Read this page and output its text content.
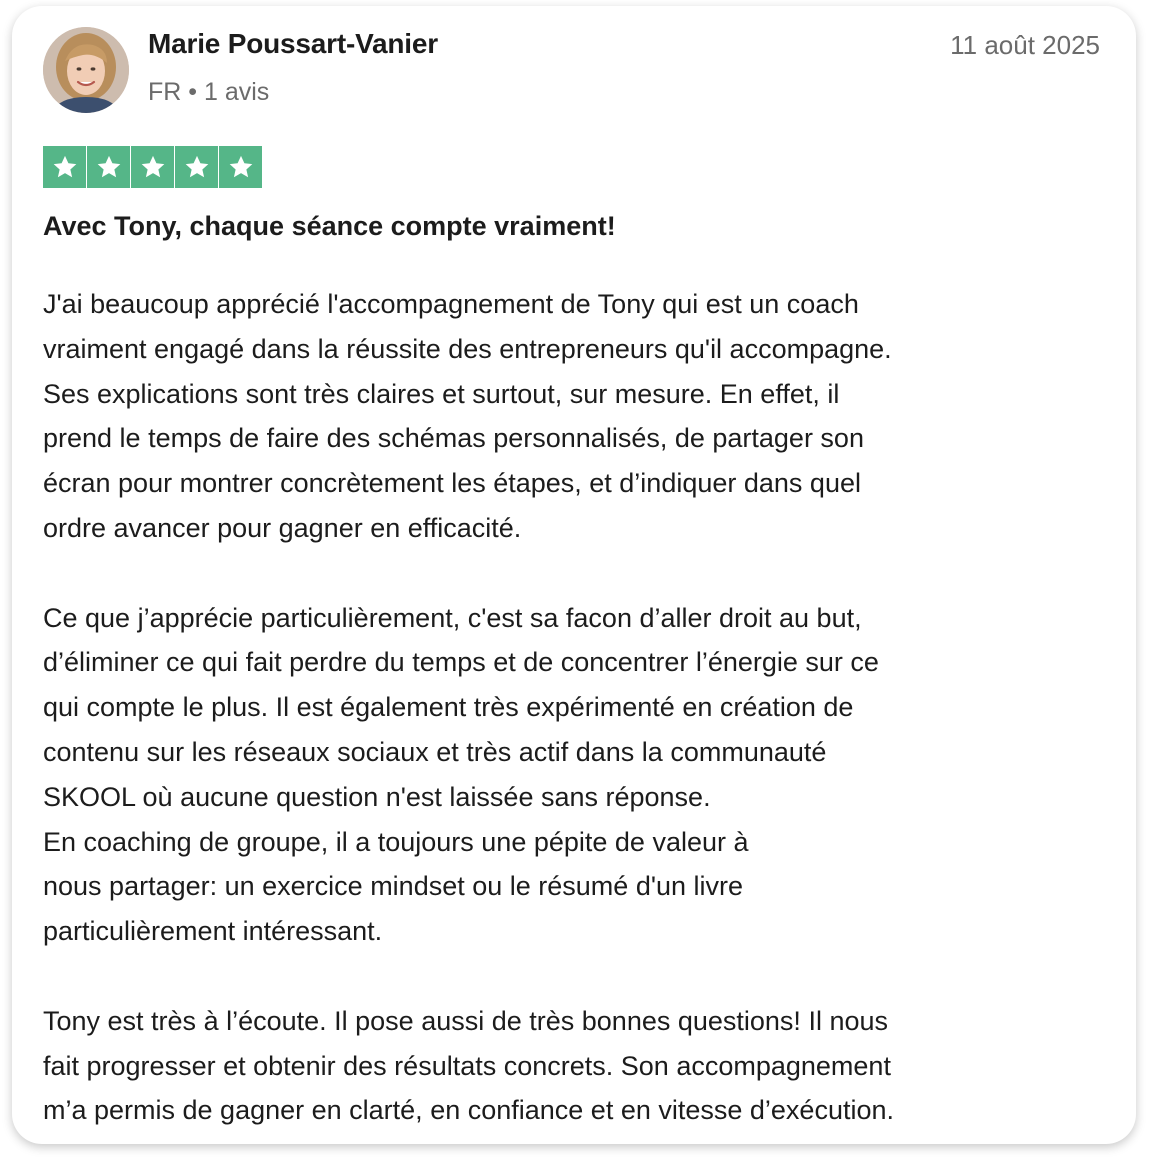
Marie Poussart-Vanier
FR • 1 avis
11 août 2025
Avec Tony, chaque séance compte vraiment!
J'ai beaucoup apprécié l'accompagnement de Tony qui est un coach
vraiment engagé dans la réussite des entrepreneurs qu'il accompagne.
Ses explications sont très claires et surtout, sur mesure. En effet, il
prend le temps de faire des schémas personnalisés, de partager son
écran pour montrer concrètement les étapes, et d’indiquer dans quel
ordre avancer pour gagner en efficacité.
Ce que j’apprécie particulièrement, c'est sa facon d’aller droit au but,
d’éliminer ce qui fait perdre du temps et de concentrer l’énergie sur ce
qui compte le plus. Il est également très expérimenté en création de
contenu sur les réseaux sociaux et très actif dans la communauté
SKOOL où aucune question n'est laissée sans réponse.
En coaching de groupe, il a toujours une pépite de valeur à
nous partager: un exercice mindset ou le résumé d'un livre
particulièrement intéressant.
Tony est très à l’écoute. Il pose aussi de très bonnes questions! Il nous
fait progresser et obtenir des résultats concrets. Son accompagnement
m’a permis de gagner en clarté, en confiance et en vitesse d’exécution.
